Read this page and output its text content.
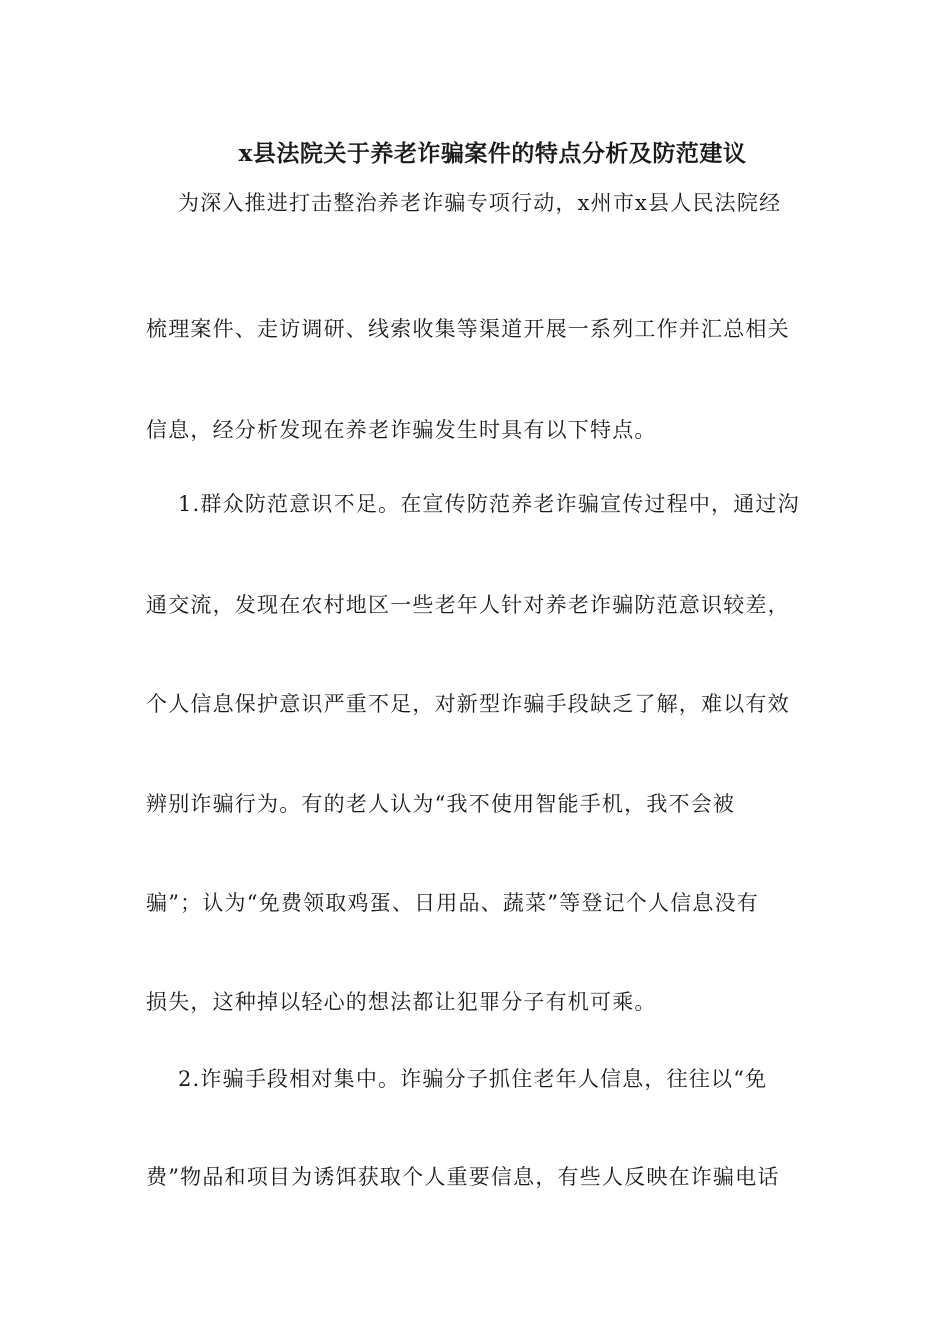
x县法院关于养老诈骗案件的特点分析及防范建议
为深入推进打击整治养老诈骗专项行动，x州市x县人民法院经
梳理案件、走访调研、线索收集等渠道开展一系列工作并汇总相关
信息，经分析发现在养老诈骗发生时具有以下特点。
1.群众防范意识不足。在宣传防范养老诈骗宣传过程中，通过沟
通交流，发现在农村地区一些老年人针对养老诈骗防范意识较差，
个人信息保护意识严重不足，对新型诈骗手段缺乏了解，难以有效
辨别诈骗行为。有的老人认为“我不使用智能手机，我不会被
骗”；认为“免费领取鸡蛋、日用品、蔬菜”等登记个人信息没有
损失，这种掉以轻心的想法都让犯罪分子有机可乘。
2.诈骗手段相对集中。诈骗分子抓住老年人信息，往往以“免
费”物品和项目为诱饵获取个人重要信息，有些人反映在诈骗电话
